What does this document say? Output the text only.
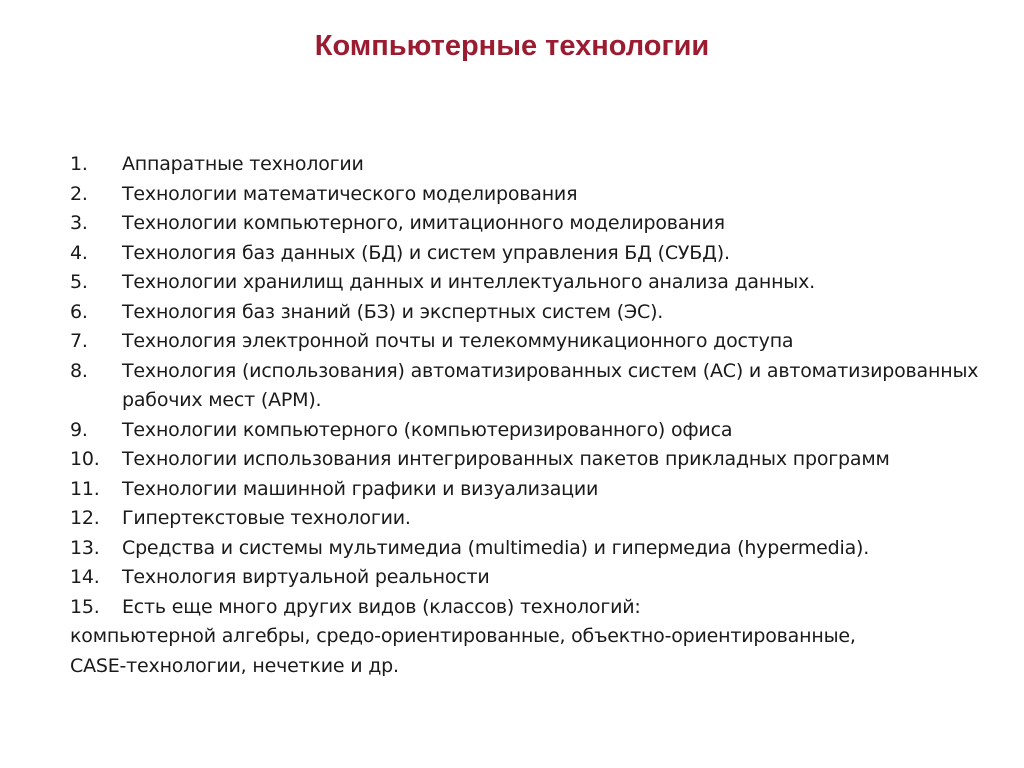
Компьютерные технологии
1.	Аппаратные технологии
2.	Технологии математического моделирования
3.	Технологии компьютерного, имитационного моделирования
4.	Технология баз данных (БД) и систем управления БД (СУБД).
5.	Технологии хранилищ данных и интеллектуального анализа данных.
6.	Технология баз знаний (БЗ) и экспертных систем (ЭС).
7.	Технология электронной почты и телекоммуникационного доступа
8.	Технология (использования) автоматизированных систем (АС) и автоматизированных рабочих мест (АРМ).
9.	Технологии компьютерного (компьютеризированного) офиса
10.	Технологии использования интегрированных пакетов прикладных программ
11.	Технологии машинной графики и визуализации
12.	Гипертекстовые технологии.
13.	Средства и системы мультимедиа (multimedia) и гипермедиа (hypermedia).
14.	Технология виртуальной реальности
15.	Есть еще много других видов (классов) технологий:
компьютерной алгебры, средо-ориентированные, объектно-ориентированные,
CASE-технологии, нечеткие и др.
